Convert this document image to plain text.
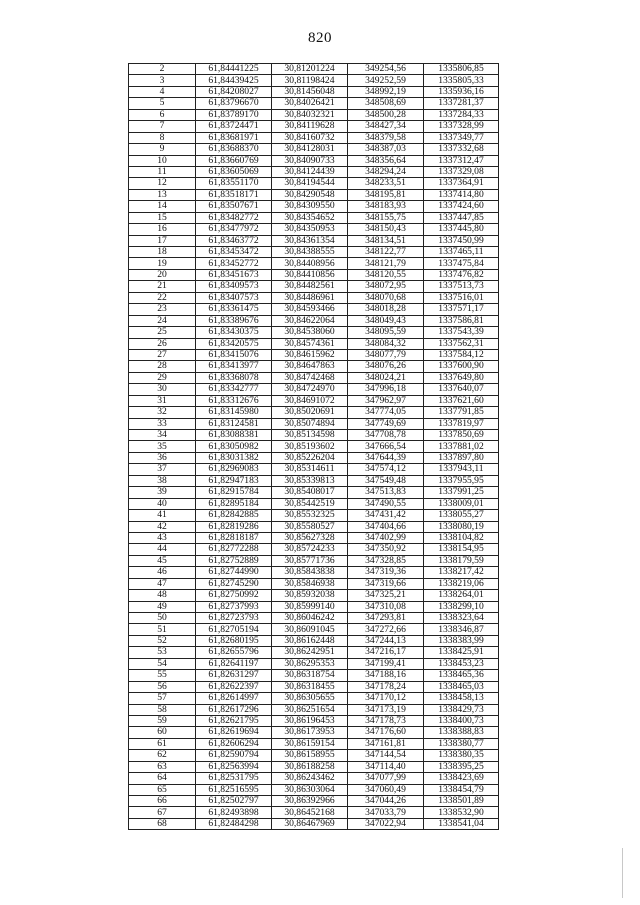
820
2	61,84441225	30,81201224	349254,56	1335806,85
3	61,84439425	30,81198424	349252,59	1335805,33
4	61,84208027	30,81456048	348992,19	1335936,16
5	61,83796670	30,84026421	348508,69	1337281,37
6	61,83789170	30,84032321	348500,28	1337284,33
7	61,83724471	30,84119628	348427,34	1337328,99
8	61,83681971	30,84160732	348379,58	1337349,77
9	61,83688370	30,84128031	348387,03	1337332,68
10	61,83660769	30,84090733	348356,64	1337312,47
11	61,83605069	30,84124439	348294,24	1337329,08
12	61,83551170	30,84194544	348233,51	1337364,91
13	61,83518171	30,84290548	348195,81	1337414,80
14	61,83507671	30,84309550	348183,93	1337424,60
15	61,83482772	30,84354652	348155,75	1337447,85
16	61,83477972	30,84350953	348150,43	1337445,80
17	61,83463772	30,84361354	348134,51	1337450,99
18	61,83453472	30,84388555	348122,77	1337465,11
19	61,83452772	30,84408956	348121,79	1337475,84
20	61,83451673	30,84410856	348120,55	1337476,82
21	61,83409573	30,84482561	348072,95	1337513,73
22	61,83407573	30,84486961	348070,68	1337516,01
23	61,83361475	30,84593466	348018,28	1337571,17
24	61,83389676	30,84622064	348049,43	1337586,81
25	61,83430375	30,84538060	348095,59	1337543,39
26	61,83420575	30,84574361	348084,32	1337562,31
27	61,83415076	30,84615962	348077,79	1337584,12
28	61,83413977	30,84647863	348076,26	1337600,90
29	61,83368078	30,84742468	348024,21	1337649,80
30	61,83342777	30,84724970	347996,18	1337640,07
31	61,83312676	30,84691072	347962,97	1337621,60
32	61,83145980	30,85020691	347774,05	1337791,85
33	61,83124581	30,85074894	347749,69	1337819,97
34	61,83088381	30,85134598	347708,78	1337850,69
35	61,83050982	30,85193602	347666,54	1337881,02
36	61,83031382	30,85226204	347644,39	1337897,80
37	61,82969083	30,85314611	347574,12	1337943,11
38	61,82947183	30,85339813	347549,48	1337955,95
39	61,82915784	30,85408017	347513,83	1337991,25
40	61,82895184	30,85442519	347490,55	1338009,01
41	61,82842885	30,85532325	347431,42	1338055,27
42	61,82819286	30,85580527	347404,66	1338080,19
43	61,82818187	30,85627328	347402,99	1338104,82
44	61,82772288	30,85724233	347350,92	1338154,95
45	61,82752889	30,85771736	347328,85	1338179,59
46	61,82744990	30,85843838	347319,36	1338217,42
47	61,82745290	30,85846938	347319,66	1338219,06
48	61,82750992	30,85932038	347325,21	1338264,01
49	61,82737993	30,85999140	347310,08	1338299,10
50	61,82723793	30,86046242	347293,81	1338323,64
51	61,82705194	30,86091045	347272,66	1338346,87
52	61,82680195	30,86162448	347244,13	1338383,99
53	61,82655796	30,86242951	347216,17	1338425,91
54	61,82641197	30,86295353	347199,41	1338453,23
55	61,82631297	30,86318754	347188,16	1338465,36
56	61,82622397	30,86318455	347178,24	1338465,03
57	61,82614997	30,86305655	347170,12	1338458,13
58	61,82617296	30,86251654	347173,19	1338429,73
59	61,82621795	30,86196453	347178,73	1338400,73
60	61,82619694	30,86173953	347176,60	1338388,83
61	61,82606294	30,86159154	347161,81	1338380,77
62	61,82590794	30,86158955	347144,54	1338380,35
63	61,82563994	30,86188258	347114,40	1338395,25
64	61,82531795	30,86243462	347077,99	1338423,69
65	61,82516595	30,86303064	347060,49	1338454,79
66	61,82502797	30,86392966	347044,26	1338501,89
67	61,82493898	30,86452168	347033,79	1338532,90
68	61,82484298	30,86467969	347022,94	1338541,04
